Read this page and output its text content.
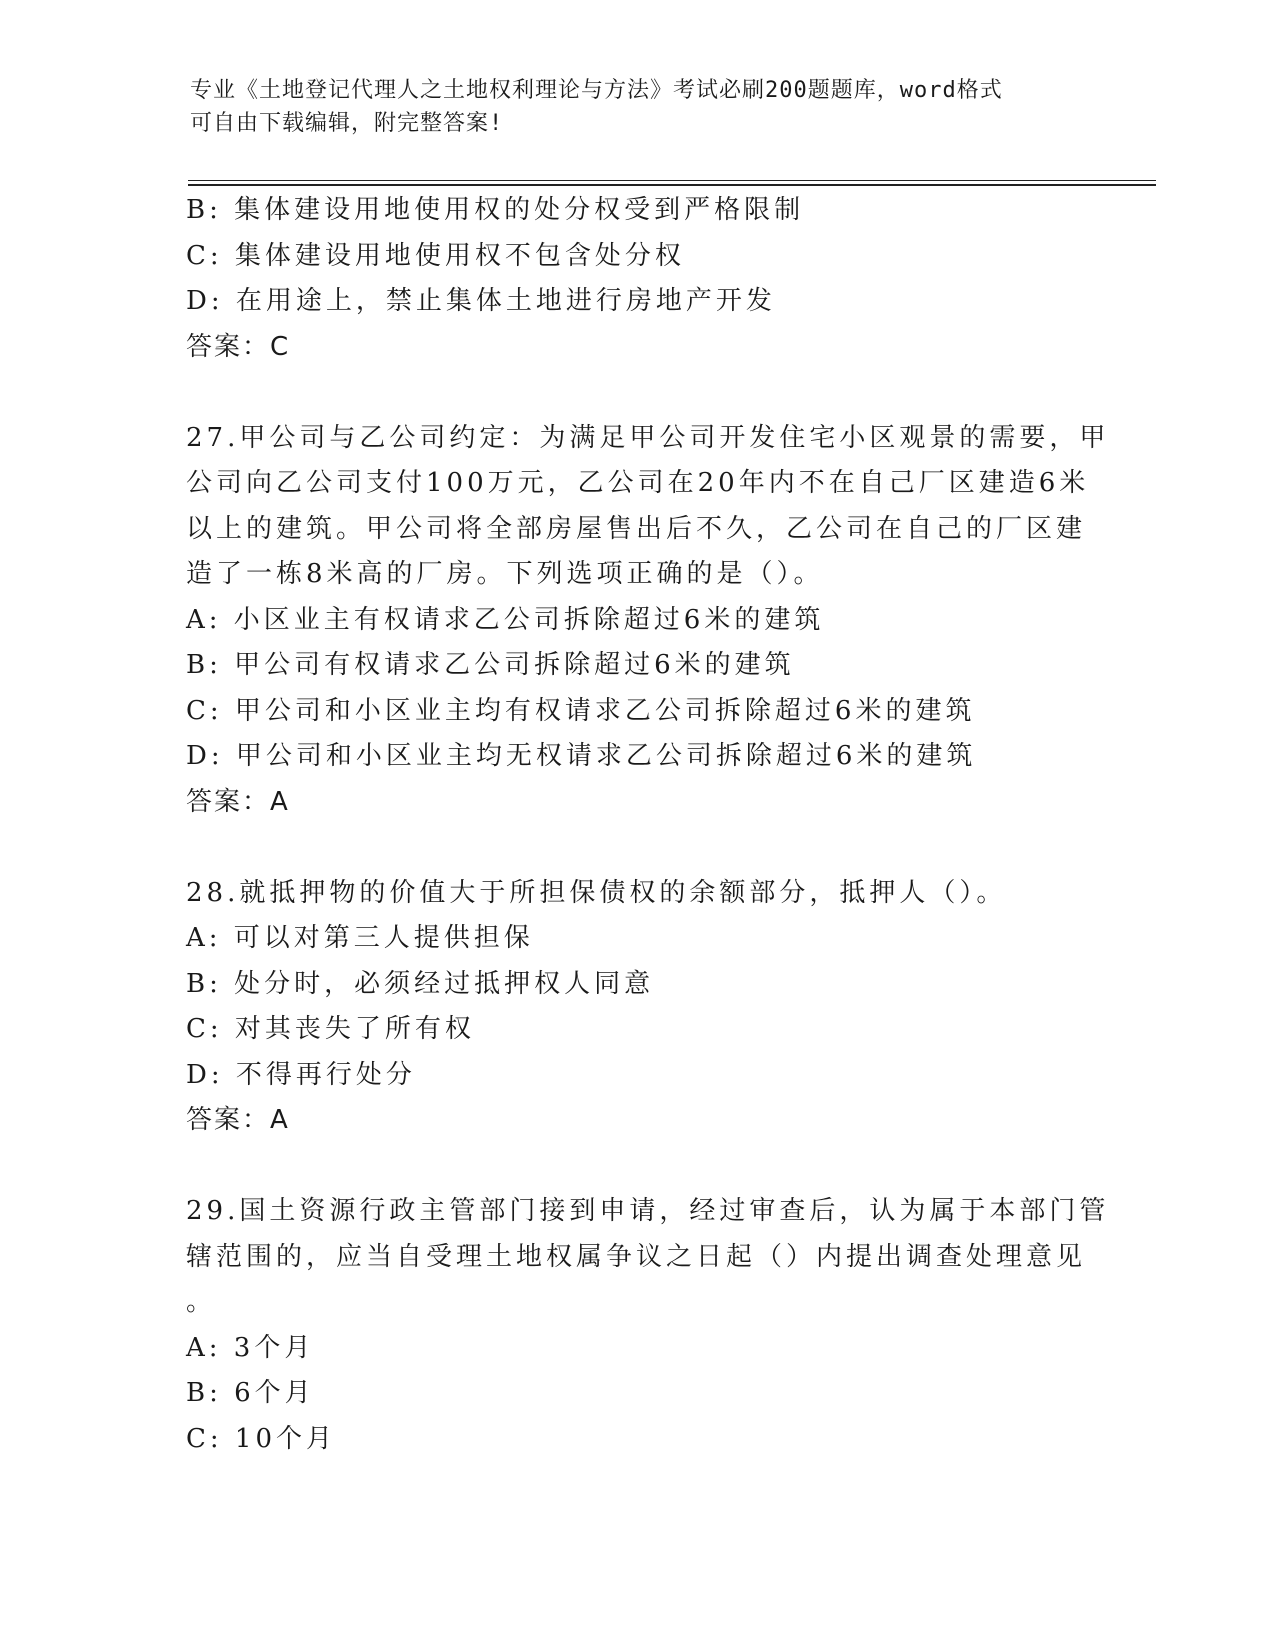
专业《土地登记代理人之土地权利理论与方法》考试必刷200题题库，word格式
可自由下载编辑，附完整答案!
B: 集体建设用地使用权的处分权受到严格限制
C: 集体建设用地使用权不包含处分权
D: 在用途上，禁止集体土地进行房地产开发
答案：C
27.甲公司与乙公司约定：为满足甲公司开发住宅小区观景的需要，甲
公司向乙公司支付100万元，乙公司在20年内不在自己厂区建造6米
以上的建筑。甲公司将全部房屋售出后不久，乙公司在自己的厂区建
造了一栋8米高的厂房。下列选项正确的是（）。
A: 小区业主有权请求乙公司拆除超过6米的建筑
B: 甲公司有权请求乙公司拆除超过6米的建筑
C: 甲公司和小区业主均有权请求乙公司拆除超过6米的建筑
D: 甲公司和小区业主均无权请求乙公司拆除超过6米的建筑
答案：A
28.就抵押物的价值大于所担保债权的余额部分，抵押人（）。
A: 可以对第三人提供担保
B: 处分时，必须经过抵押权人同意
C: 对其丧失了所有权
D: 不得再行处分
答案：A
29.国土资源行政主管部门接到申请，经过审查后，认为属于本部门管
辖范围的，应当自受理土地权属争议之日起（）内提出调查处理意见
。
A: 3个月
B: 6个月
C: 10个月
